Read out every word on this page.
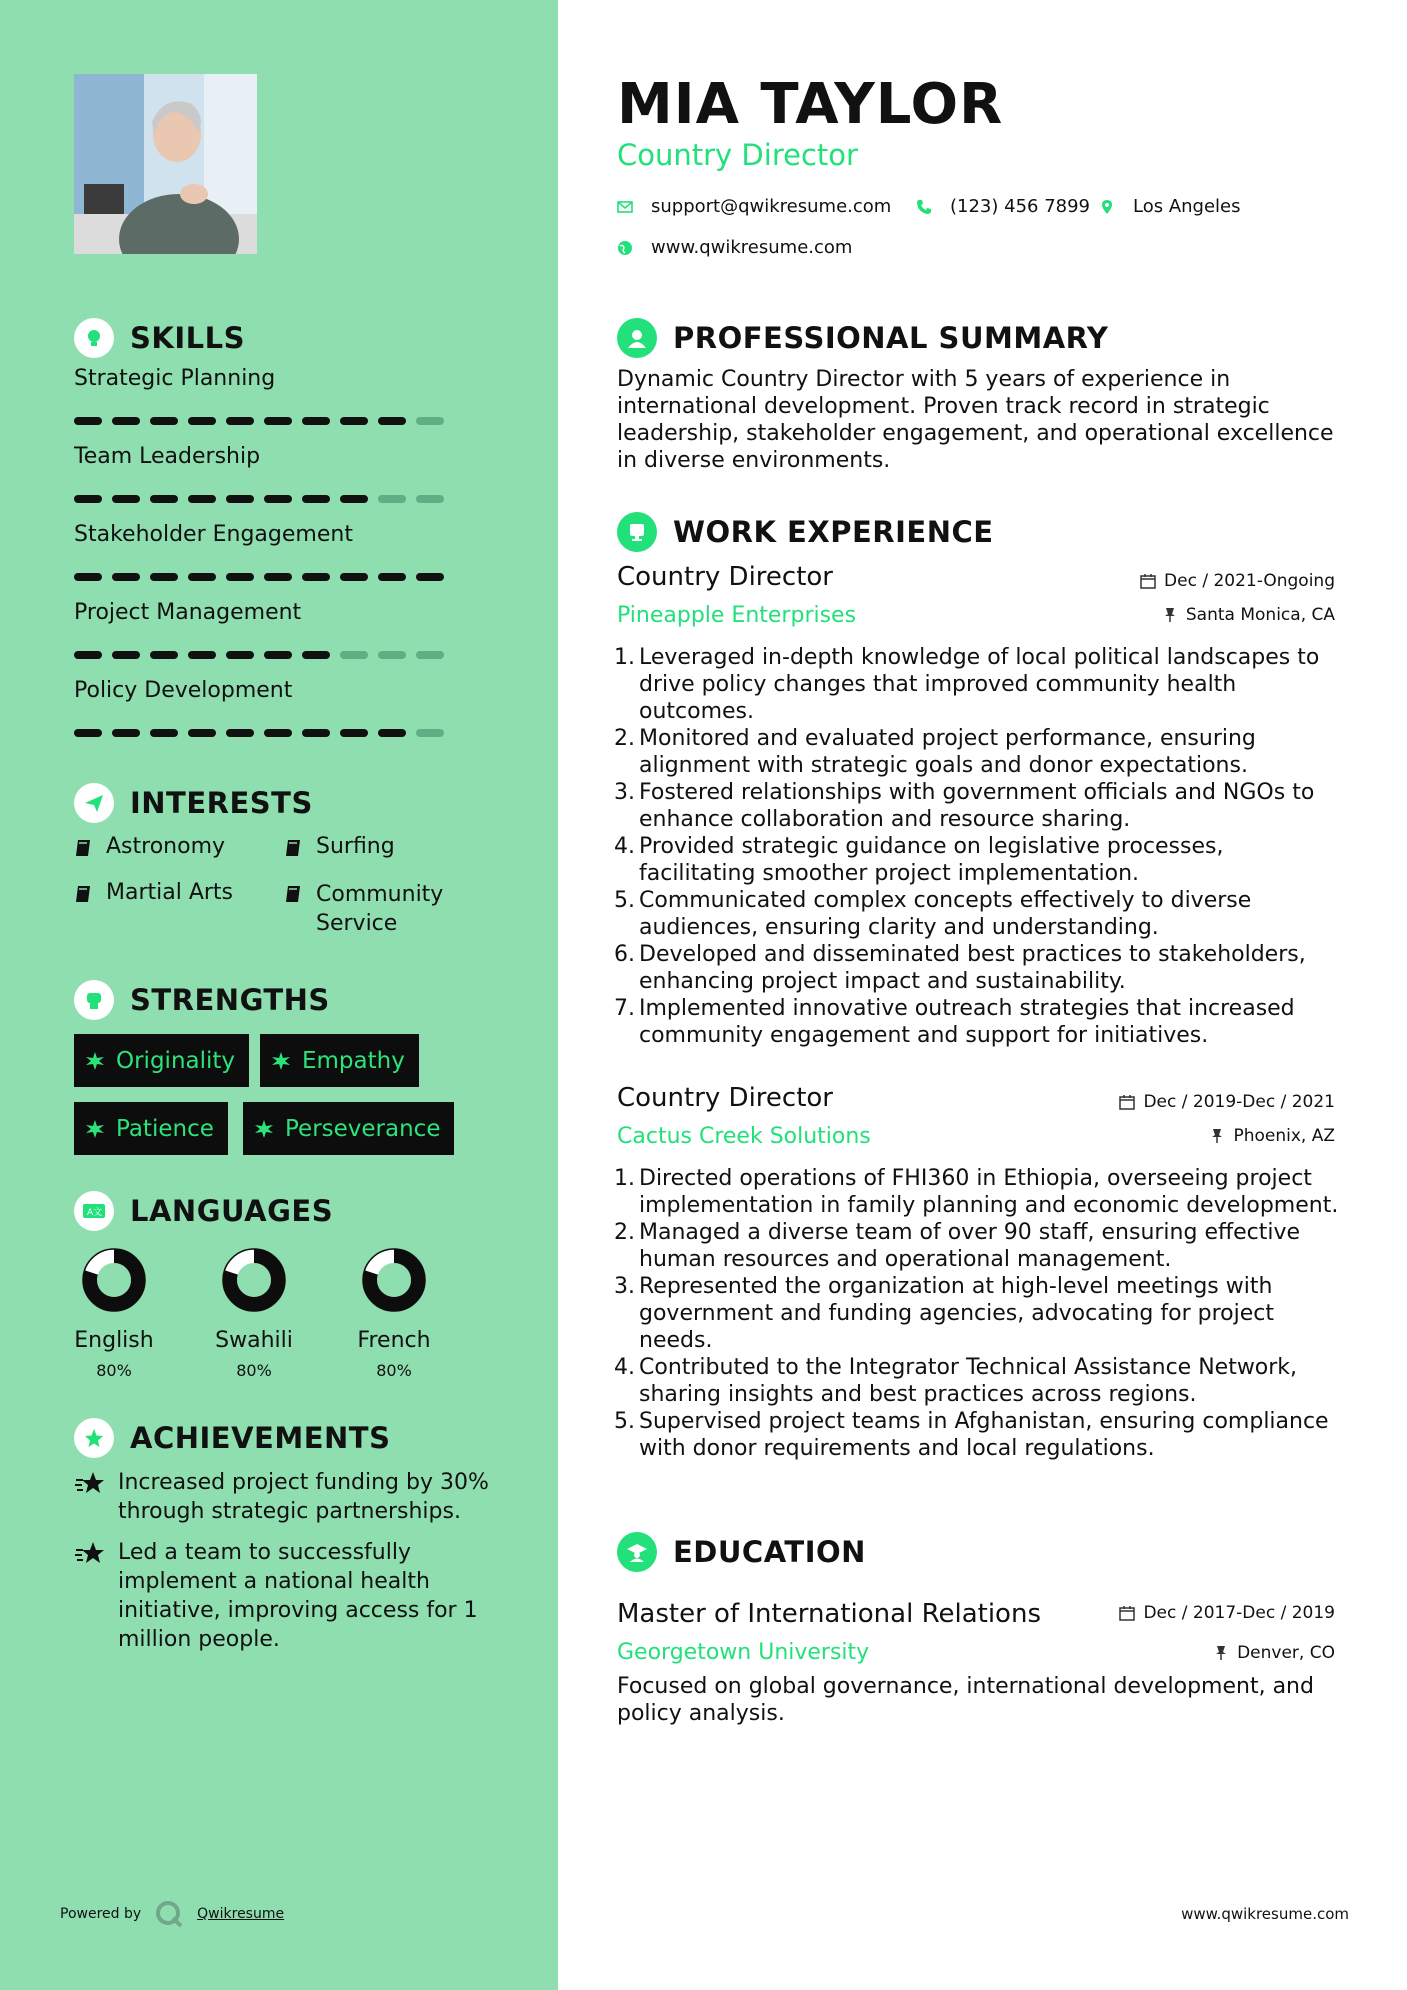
SKILLS
Strategic Planning
Team Leadership
Stakeholder Engagement
Project Management
Policy Development
INTERESTS
Astronomy	Surfing
Martial Arts	Community Service
STRENGTHS
Originality	Empathy
Patience	Perseverance
A文 LANGUAGES
English
80%
Swahili
80%
French
80%
ACHIEVEMENTS
Increased project funding by 30% through strategic partnerships.
Led a team to successfully implement a national health initiative, improving access for 1 million people.
Powered by	Qwikresume
MIA TAYLOR
Country Director
support@qwikresume.com	(123) 456 7899 Los Angeles
www.qwikresume.com
PROFESSIONAL SUMMARY
Dynamic Country Director with 5 years of experience in international development. Proven track record in strategic leadership, stakeholder engagement, and operational excellence in diverse environments.
WORK EXPERIENCE
Country Director
Pineapple Enterprises
Dec / 2021-Ongoing
Santa Monica, CA
1. Leveraged in-depth knowledge of local political landscapes to drive policy changes that improved community health outcomes.
2. Monitored and evaluated project performance, ensuring alignment with strategic goals and donor expectations.
3. Fostered relationships with government officials and NGOs to enhance collaboration and resource sharing.
4. Provided strategic guidance on legislative processes, facilitating smoother project implementation.
5. Communicated complex concepts effectively to diverse audiences, ensuring clarity and understanding.
6. Developed and disseminated best practices to stakeholders, enhancing project impact and sustainability.
7. Implemented innovative outreach strategies that increased community engagement and support for initiatives.
Country Director
Cactus Creek Solutions
Dec / 2019-Dec / 2021
Phoenix, AZ
1. Directed operations of FHI360 in Ethiopia, overseeing project implementation in family planning and economic development.
2. Managed a diverse team of over 90 staff, ensuring effective human resources and operational management.
3. Represented the organization at high-level meetings with government and funding agencies, advocating for project needs.
4. Contributed to the Integrator Technical Assistance Network, sharing insights and best practices across regions.
5. Supervised project teams in Afghanistan, ensuring compliance with donor requirements and local regulations.
EDUCATION
Master of International Relations
Georgetown University
Dec / 2017-Dec / 2019
Denver, CO
Focused on global governance, international development, and policy analysis.
www.qwikresume.com
